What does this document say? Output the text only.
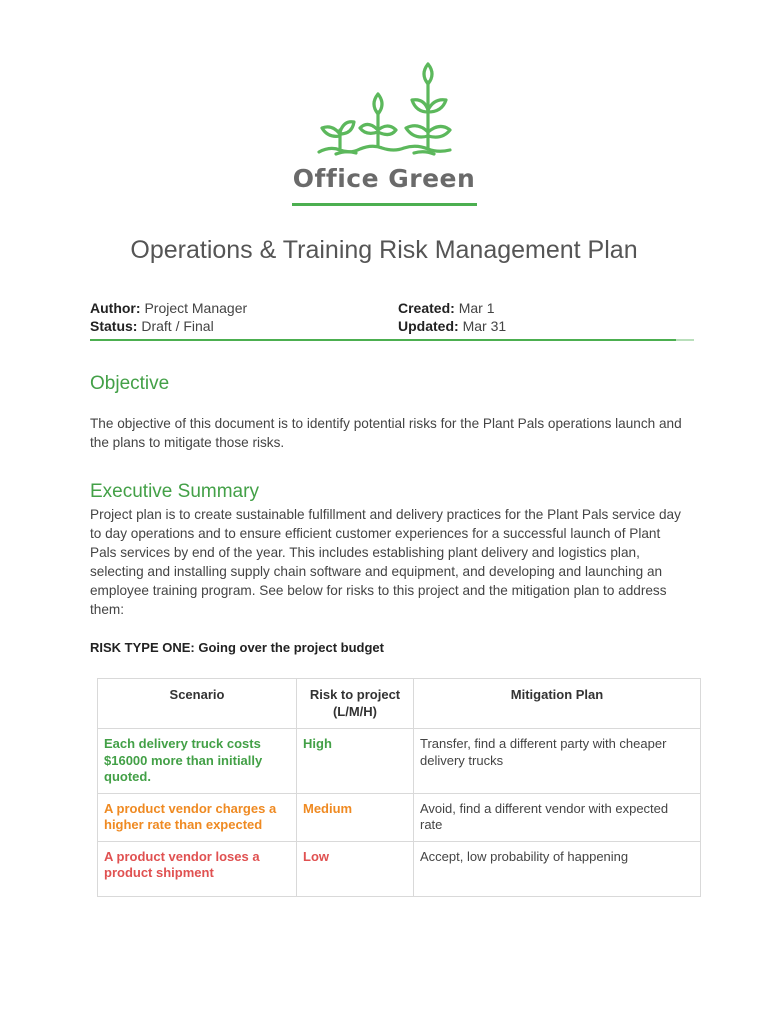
Office Green
Operations & Training Risk Management Plan
Author: Project Manager
Status: Draft / Final
Created: Mar 1
Updated: Mar 31
Objective

The objective of this document is to identify potential risks for the Plant Pals operations launch and the plans to mitigate those risks.

Executive Summary

Project plan is to create sustainable fulfillment and delivery practices for the Plant Pals service day to day operations and to ensure efficient customer experiences for a successful launch of Plant Pals services by end of the year. This includes establishing plant delivery and logistics plan, selecting and installing supply chain software and equipment, and developing and launching an employee training program. See below for risks to this project and the mitigation plan to address them:

RISK TYPE ONE: Going over the project budget

Scenario	Risk to project (L/M/H)	Mitigation Plan
Each delivery truck costs $16000 more than initially quoted.	High	Transfer, find a different party with cheaper delivery trucks
A product vendor charges a higher rate than expected	Medium	Avoid, find a different vendor with expected rate
A product vendor loses a product shipment	Low	Accept, low probability of happening
